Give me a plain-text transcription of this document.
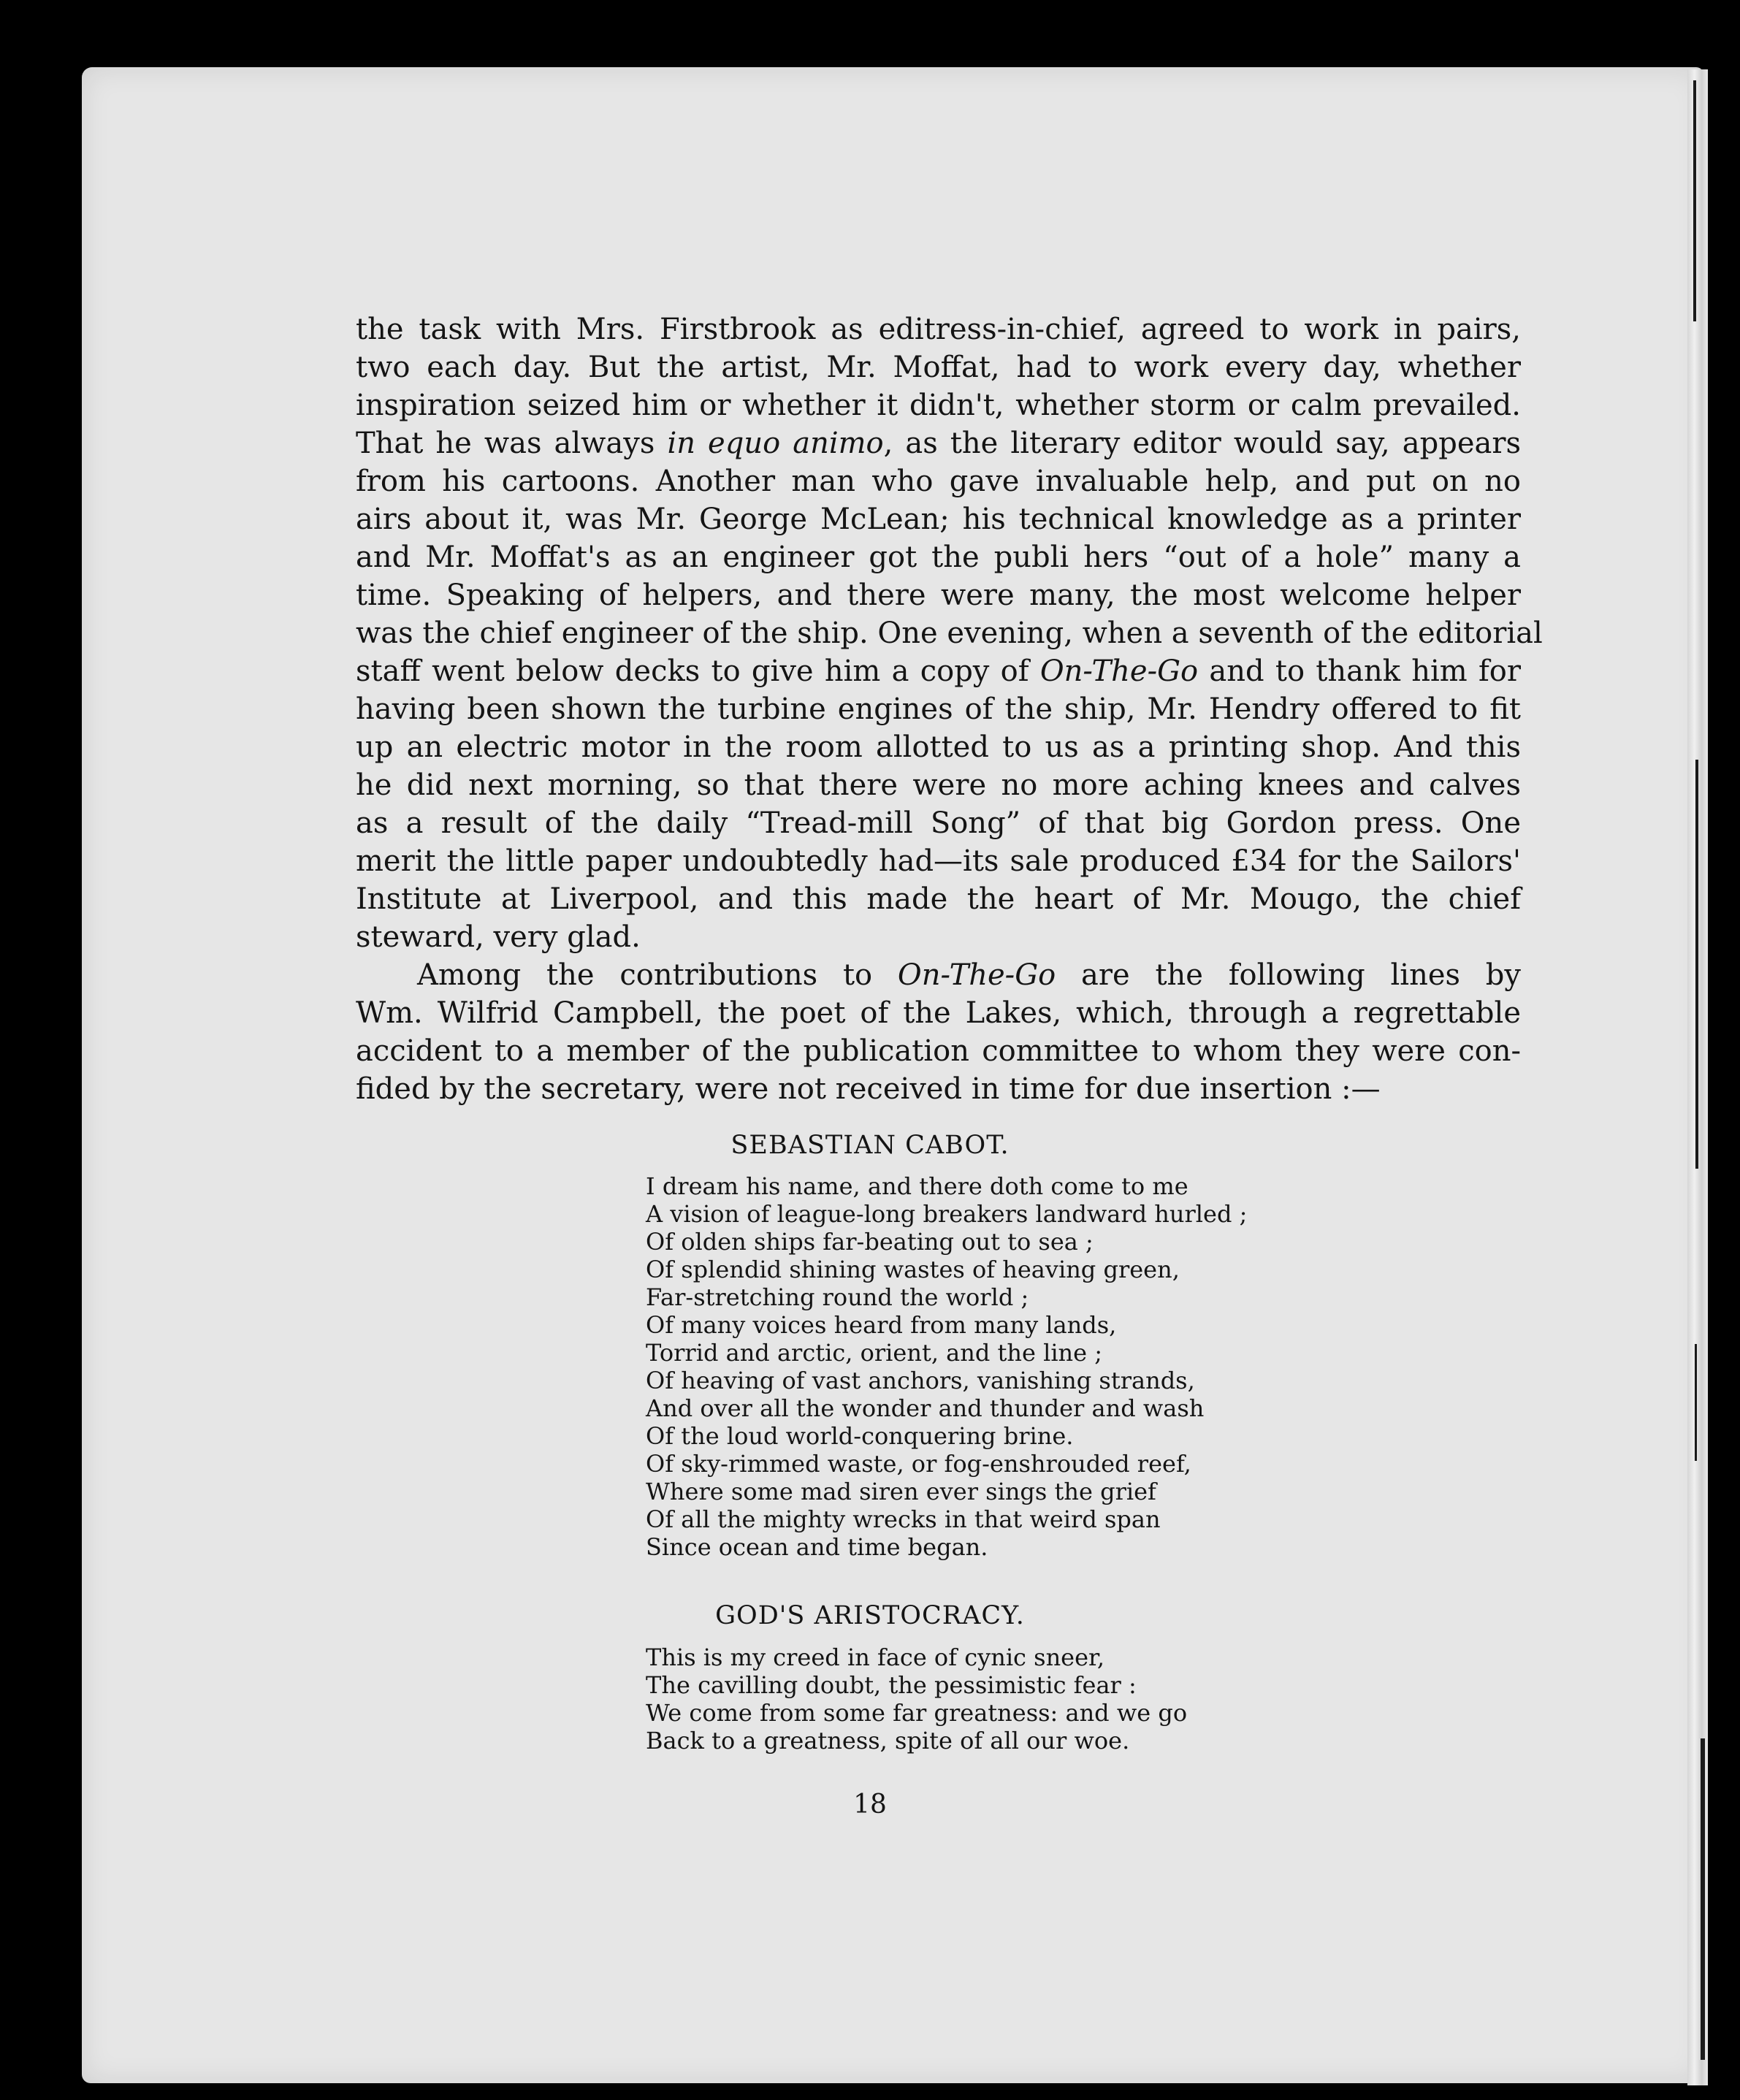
the task with Mrs. Firstbrook as editress-in-chief, agreed to work in pairs,
two each day. But the artist, Mr. Moffat, had to work every day, whether
inspiration seized him or whether it didn't, whether storm or calm prevailed.
That he was always in equo animo, as the literary editor would say, appears
from his cartoons. Another man who gave invaluable help, and put on no
airs about it, was Mr. George McLean; his technical knowledge as a printer
and Mr. Moffat's as an engineer got the publi hers “out of a hole” many a
time. Speaking of helpers, and there were many, the most welcome helper
was the chief engineer of the ship. One evening, when a seventh of the editorial
staff went below decks to give him a copy of On-The-Go and to thank him for
having been shown the turbine engines of the ship, Mr. Hendry offered to fit
up an electric motor in the room allotted to us as a printing shop. And this
he did next morning, so that there were no more aching knees and calves
as a result of the daily “Tread-mill Song” of that big Gordon press. One
merit the little paper undoubtedly had—its sale produced £34 for the Sailors'
Institute at Liverpool, and this made the heart of Mr. Mougo, the chief
steward, very glad.

Among the contributions to On-The-Go are the following lines by
Wm. Wilfrid Campbell, the poet of the Lakes, which, through a regrettable
accident to a member of the publication committee to whom they were con-
fided by the secretary, were not received in time for due insertion :—

SEBASTIAN CABOT.
I dream his name, and there doth come to me
A vision of league-long breakers landward hurled ;
Of olden ships far-beating out to sea ;
Of splendid shining wastes of heaving green,
Far-stretching round the world ;
Of many voices heard from many lands,
Torrid and arctic, orient, and the line ;
Of heaving of vast anchors, vanishing strands,
And over all the wonder and thunder and wash
Of the loud world-conquering brine.
Of sky-rimmed waste, or fog-enshrouded reef,
Where some mad siren ever sings the grief
Of all the mighty wrecks in that weird span
Since ocean and time began.
GOD'S ARISTOCRACY.
This is my creed in face of cynic sneer,
The cavilling doubt, the pessimistic fear :
We come from some far greatness: and we go
Back to a greatness, spite of all our woe.
18
